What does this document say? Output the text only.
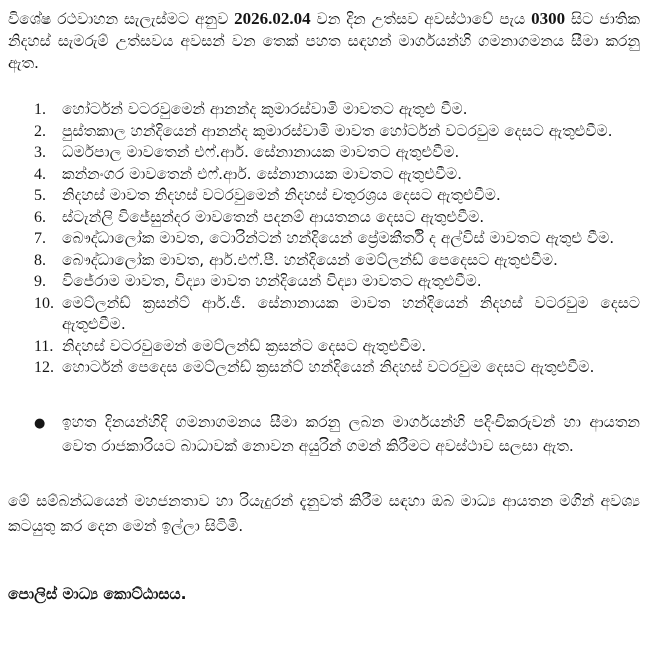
විශේෂ රථවාහන සැලැස්මට අනුව 2026.02.04 වන දින උත්සව අවස්ථාවේ පැය 0300 සිට ජාතික නිදහස් සැමරුම් උත්සවය අවසන් වන තෙක් පහත සඳහන් මාර්ගයන්හි ගමනාගමනය සීමා කරනු ඇත.

1.	හෝර්ටන් වටරවුමෙන් ආනන්ද කුමාරස්වාමි මාවතට ඇතුළු වීම.
2.	පුස්තකාල හන්දියෙන් ආනන්ද කුමාරස්වාමි මාවත හෝර්ටන් වටරවුම දෙසට ඇතුළුවීම.
3.	ධර්මපාල මාවතෙන් එෆ්.ආර්. සේනානායක මාවතට ඇතුළුවීම.
4.	කන්නංගර මාවතෙන් එෆ්.ආර්. සේනානායක මාවතට ඇතුළුවීම.
5.	නිදහස් මාවත නිදහස් වටරවුමෙන් නිදහස් චතුරශ්‍රය දෙසට ඇතුළුවීම.
6.	ස්ටැන්ලි විජේසුන්දර මාවතෙන් පදනම් ආයතනය දෙසට ඇතුළුවීම.
7.	බෞද්ධාලෝක මාවත, ටොරින්ටන් හන්දියෙන් ප්‍රේමකීර්ති ද අල්විස් මාවතට ඇතුළු වීම.
8.	බෞද්ධාලෝක මාවත, ආර්.එෆ්.පී. හන්දියෙන් මෙට්ලන්ඩ් පෙදෙසට ඇතුළුවීම.
9.	විජේරාම මාවත, විද්‍යා මාවත හන්දියෙන් විද්‍යා මාවතට ඇතුළුවීම.
10. මෙට්ලන්ඩ් ක්‍රසන්ට් ආර්.ජී. සේනානායක මාවත හන්දියෙන් නිදහස් වටරවුම දෙසට ඇතුළුවීම.
11. නිදහස් වටරවුමෙන් මෙට්ලන්ඩ් ක්‍රසන්ට දෙසට ඇතුළුවීම.
12. හොර්ටන් පෙදෙස මෙට්ලන්ඩ් ක්‍රසන්ට් හන්දියෙන් නිදහස් වටරවුම දෙසට ඇතුළුවීම.
●	ඉහත දිනයන්හිදි ගමනාගමනය සීමා කරනු ලබන මාර්ගයන්හි පදිංචිකරුවන් හා ආයතන වෙත රාජකාරියට බාධාවක් නොවන අයුරින් ගමන් කිරීමට අවස්ථාව සලසා ඇත.

මේ සම්බන්ධයෙන් මහජනතාව හා රියැදුරන් දැනුවත් කිරීම සඳහා ඔබ මාධ්‍ය ආයතන මගින් අවශ්‍ය කටයුතු කර දෙන මෙන් ඉල්ලා සිටිමි.

පොලිස් මාධ්‍ය කොට්ඨාසය.
